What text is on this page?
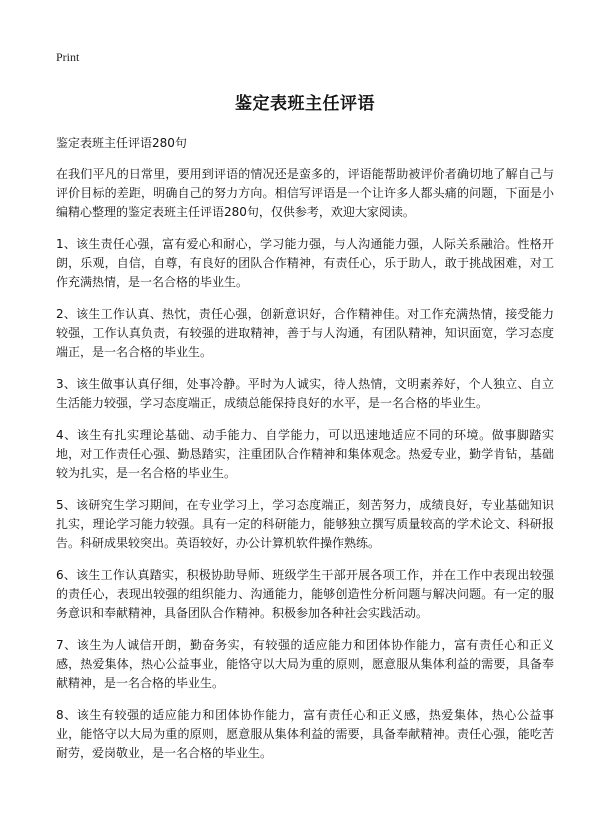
Print
鉴定表班主任评语
鉴定表班主任评语280句

在我们平凡的日常里，要用到评语的情况还是蛮多的，评语能帮助被评价者确切地了解自己与评价目标的差距，明确自己的努力方向。相信写评语是一个让许多人都头痛的问题，下面是小编精心整理的鉴定表班主任评语280句，仅供参考，欢迎大家阅读。

1、该生责任心强，富有爱心和耐心，学习能力强，与人沟通能力强，人际关系融洽。性格开朗，乐观，自信，自尊，有良好的团队合作精神，有责任心，乐于助人，敢于挑战困难，对工作充满热情，是一名合格的毕业生。

2、该生工作认真、热忱，责任心强，创新意识好，合作精神佳。对工作充满热情，接受能力较强，工作认真负责，有较强的进取精神，善于与人沟通，有团队精神，知识面宽，学习态度端正，是一名合格的毕业生。

3、该生做事认真仔细，处事冷静。平时为人诚实，待人热情，文明素养好，个人独立、自立生活能力较强，学习态度端正，成绩总能保持良好的水平，是一名合格的毕业生。

4、该生有扎实理论基础、动手能力、自学能力，可以迅速地适应不同的环境。做事脚踏实地，对工作责任心强、勤恳踏实，注重团队合作精神和集体观念。热爱专业，勤学肯钻，基础较为扎实，是一名合格的毕业生。

5、该研究生学习期间，在专业学习上，学习态度端正，刻苦努力，成绩良好，专业基础知识扎实，理论学习能力较强。具有一定的科研能力，能够独立撰写质量较高的学术论文、科研报告。科研成果较突出。英语较好，办公计算机软件操作熟练。

6、该生工作认真踏实，积极协助导师、班级学生干部开展各项工作，并在工作中表现出较强的责任心，表现出较强的组织能力、沟通能力，能够创造性分析问题与解决问题。有一定的服务意识和奉献精神，具备团队合作精神。积极参加各种社会实践活动。

7、该生为人诚信开朗，勤奋务实，有较强的适应能力和团体协作能力，富有责任心和正义感，热爱集体，热心公益事业，能恪守以大局为重的原则，愿意服从集体利益的需要，具备奉献精神，是一名合格的毕业生。

8、该生有较强的适应能力和团体协作能力，富有责任心和正义感，热爱集体，热心公益事业，能恪守以大局为重的原则，愿意服从集体利益的需要，具备奉献精神。责任心强，能吃苦耐劳，爱岗敬业，是一名合格的毕业生。
